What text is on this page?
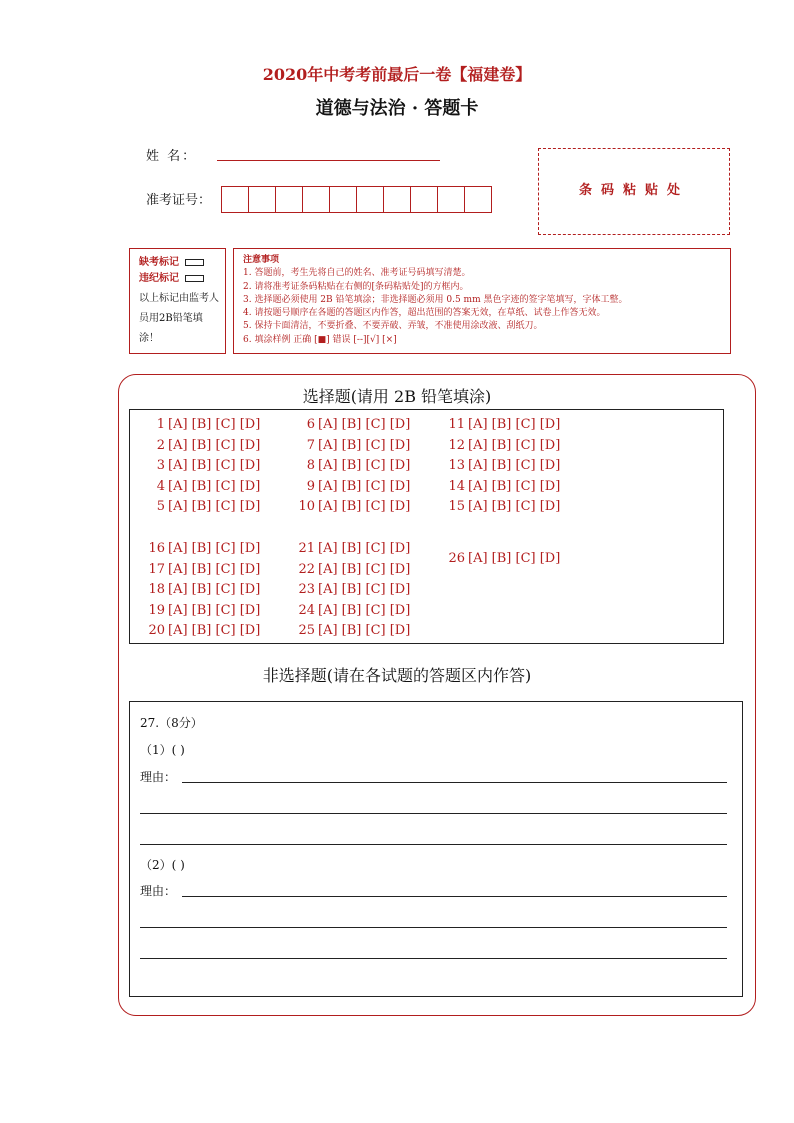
2020年中考考前最后一卷【福建卷】
道德与法治 · 答题卡
姓 名：
准考证号：
条码粘贴处
缺考标记
违纪标记
以上标记由监考人员用2B铅笔填涂！
注意事项
1. 答题前，考生先将自己的姓名、准考证号码填写清楚。
2. 请将准考证条码粘贴在右侧的[条码粘贴处]的方框内。
3. 选择题必须使用 2B 铅笔填涂；非选择题必须用 0.5 mm 黑色字迹的签字笔填写，字体工整。
4. 请按题号顺序在各题的答题区内作答，超出范围的答案无效，在草纸、试卷上作答无效。
5. 保持卡面清洁，不要折叠、不要弄破、弄皱，不准使用涂改液、刮纸刀。
6. 填涂样例 正确 [■] 错误 [--][√] [×]
选择题(请用 2B 铅笔填涂)
1 [A] [B] [C] [D]
2 [A] [B] [C] [D]
3 [A] [B] [C] [D]
4 [A] [B] [C] [D]
5 [A] [B] [C] [D]
6 [A] [B] [C] [D]
7 [A] [B] [C] [D]
8 [A] [B] [C] [D]
9 [A] [B] [C] [D]
10 [A] [B] [C] [D]
11 [A] [B] [C] [D]
12 [A] [B] [C] [D]
13 [A] [B] [C] [D]
14 [A] [B] [C] [D]
15 [A] [B] [C] [D]
16 [A] [B] [C] [D]
17 [A] [B] [C] [D]
18 [A] [B] [C] [D]
19 [A] [B] [C] [D]
20 [A] [B] [C] [D]
21 [A] [B] [C] [D]
22 [A] [B] [C] [D]
23 [A] [B] [C] [D]
24 [A] [B] [C] [D]
25 [A] [B] [C] [D]
26 [A] [B] [C] [D]
非选择题(请在各试题的答题区内作答)
27.（8分）
（1）( )
理由：
（2）( )
理由：
